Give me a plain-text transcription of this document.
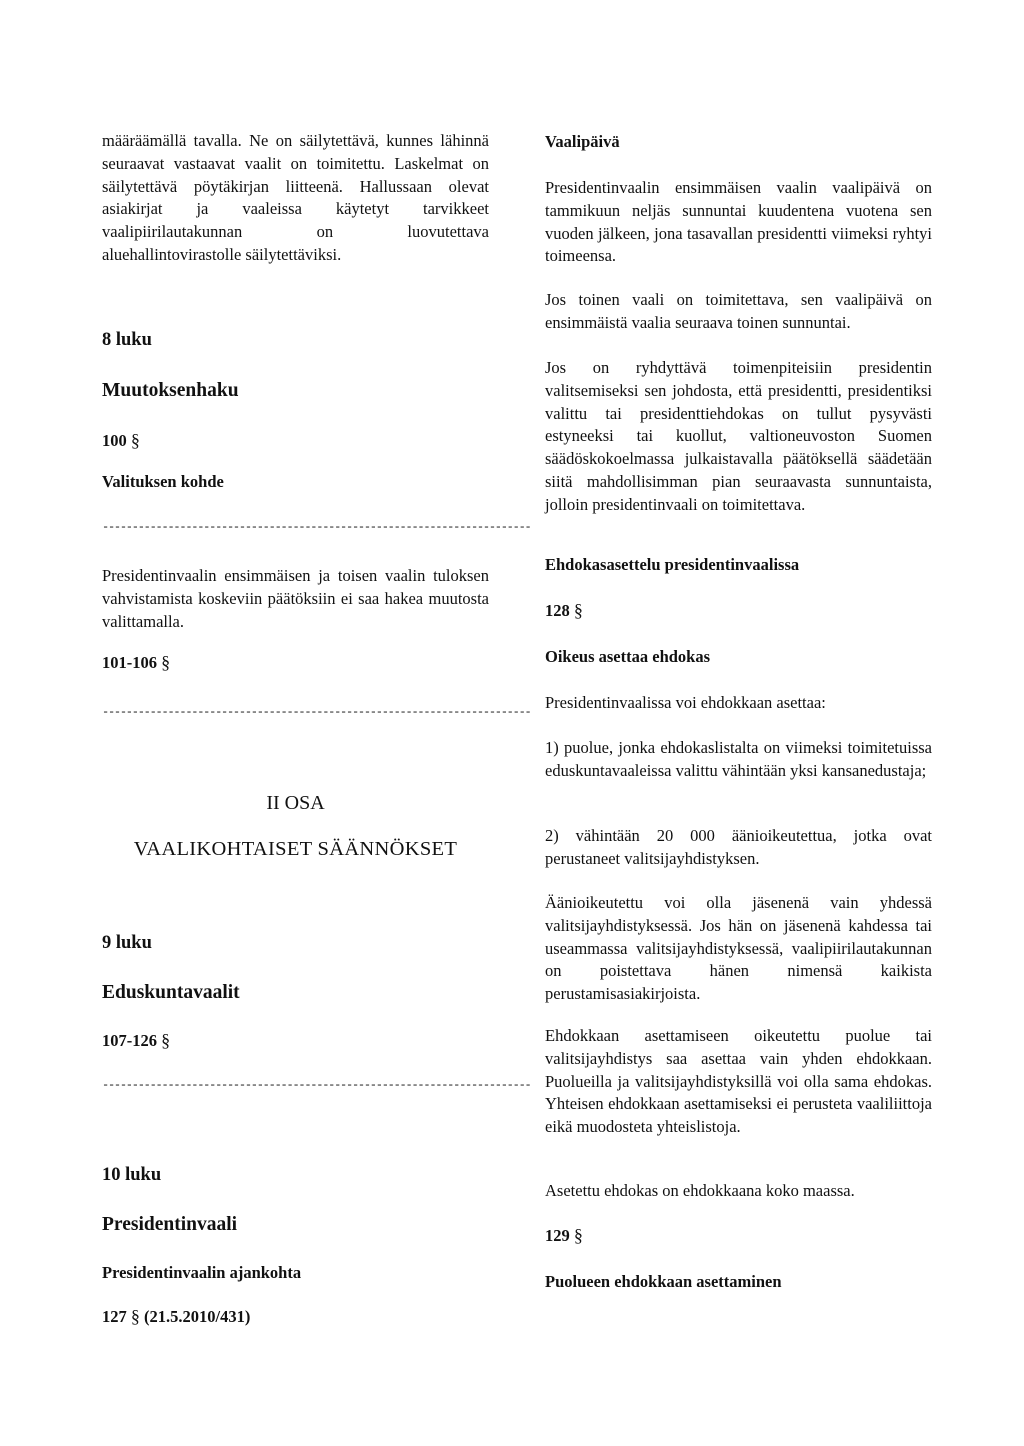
määräämällä tavalla. Ne on säilytettävä, kunnes lähinnä seuraavat vastaavat vaalit on toimitettu. Laskelmat on säilytettävä pöytäkirjan liitteenä. Hallussaan olevat asiakirjat ja vaaleissa käytetyt tarvikkeet vaalipiirilautakunnan on luovutettava aluehallintovirastolle säilytettäviksi.
8 luku
Muutoksenhaku
100 §
Valituksen kohde
------------------------------------------------------------------------
Presidentinvaalin ensimmäisen ja toisen vaalin tuloksen vahvistamista koskeviin päätöksiin ei saa hakea muutosta valittamalla.
101-106 §
------------------------------------------------------------------------
II OSA
VAALIKOHTAISET SÄÄNNÖKSET
9 luku
Eduskuntavaalit
107-126 §
------------------------------------------------------------------------
10 luku
Presidentinvaali
Presidentinvaalin ajankohta
127 § (21.5.2010/431)
Vaalipäivä
Presidentinvaalin ensimmäisen vaalin vaalipäivä on tammikuun neljäs sunnuntai kuudentena vuotena sen vuoden jälkeen, jona tasavallan presidentti viimeksi ryhtyi toimeensa.
Jos toinen vaali on toimitettava, sen vaalipäivä on ensimmäistä vaalia seuraava toinen sunnuntai.
Jos on ryhdyttävä toimenpiteisiin presidentin valitsemiseksi sen johdosta, että presidentti, presidentiksi valittu tai presidenttiehdokas on tullut pysyvästi estyneeksi tai kuollut, valtioneuvoston Suomen säädöskokoelmassa julkaistavalla päätöksellä säädetään siitä mahdollisimman pian seuraavasta sunnuntaista, jolloin presidentinvaali on toimitettava.
Ehdokasasettelu presidentinvaalissa
128 §
Oikeus asettaa ehdokas
Presidentinvaalissa voi ehdokkaan asettaa:
1) puolue, jonka ehdokaslistalta on viimeksi toimitetuissa eduskuntavaaleissa valittu vähintään yksi kansanedustaja;
2) vähintään 20 000 äänioikeutettua, jotka ovat perustaneet valitsijayhdistyksen.
Äänioikeutettu voi olla jäsenenä vain yhdessä valitsijayhdistyksessä. Jos hän on jäsenenä kahdessa tai useammassa valitsijayhdistyksessä, vaalipiirilautakunnan on poistettava hänen nimensä kaikista perustamisasiakirjoista.
Ehdokkaan asettamiseen oikeutettu puolue tai valitsijayhdistys saa asettaa vain yhden ehdokkaan. Puolueilla ja valitsijayhdistyksillä voi olla sama ehdokas. Yhteisen ehdokkaan asettamiseksi ei perusteta vaaliliittoja eikä muodosteta yhteislistoja.
Asetettu ehdokas on ehdokkaana koko maassa.
129 §
Puolueen ehdokkaan asettaminen
